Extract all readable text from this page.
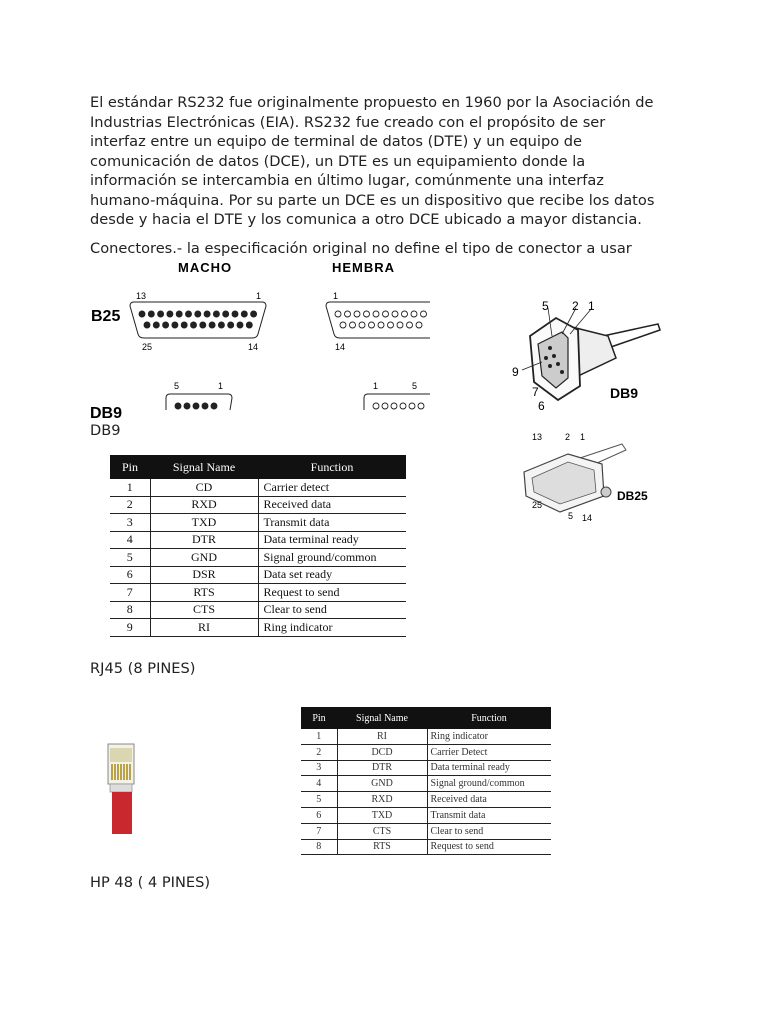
El estándar RS232 fue originalmente propuesto en 1960 por la Asociación de

Industrias Electrónicas (EIA). RS232 fue creado con el propósito de ser

interfaz entre un equipo de terminal de datos (DTE) y un equipo de

comunicación de datos (DCE), un DTE es un equipamiento donde la

información se intercambia en último lugar, comúnmente una interfaz

humano-máquina. Por su parte un DCE es un dispositivo que recibe los datos

desde y hacia el DTE y los comunica a otro DCE ubicado a mayor distancia.

Conectores.- la especificación original no define el tipo de conector a usar
MACHO	HEMBRA
B25
13	1
25	14
1
14
5	1	1	5
DB9
5 2 1
9
7
6
DB9
13	2 1
25
5 14
DB25
DB9
Pin	Signal Name	Function
1	CD	Carrier detect
2	RXD	Received data
3	TXD	Transmit data
4	DTR	Data terminal ready
5	GND	Signal ground/common
6	DSR	Data set ready
7	RTS	Request to send
8	CTS	Clear to send
9	RI	Ring indicator
RJ45 (8 PINES)
Pin	Signal Name	Function
1	RI	Ring indicator
2	DCD	Carrier Detect
3	DTR	Data terminal ready
4	GND	Signal ground/common
5	RXD	Received data
6	TXD	Transmit data
7	CTS	Clear to send
8	RTS	Request to send
HP 48 ( 4 PINES)
